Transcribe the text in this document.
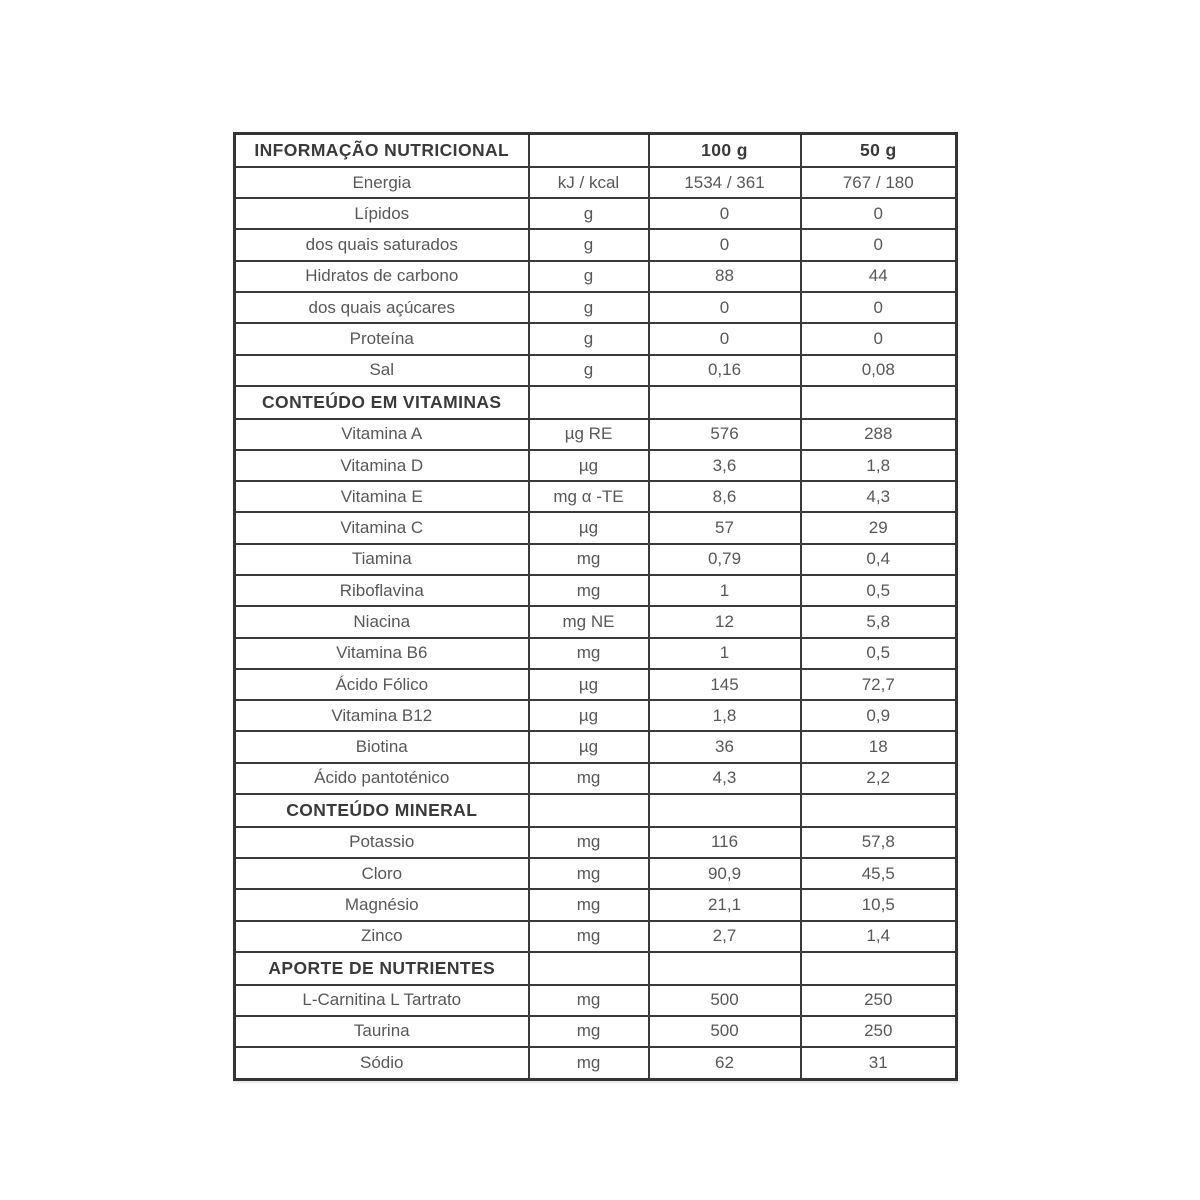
INFORMAÇÃO NUTRICIONAL		100 g	50 g
Energia	kJ / kcal	1534 / 361	767 / 180
Lípidos	g	0	0
dos quais saturados	g	0	0
Hidratos de carbono	g	88	44
dos quais açúcares	g	0	0
Proteína	g	0	0
Sal	g	0,16	0,08
CONTEÚDO EM VITAMINAS			
Vitamina A	µg RE	576	288
Vitamina D	µg	3,6	1,8
Vitamina E	mg α -TE	8,6	4,3
Vitamina C	µg	57	29
Tiamina	mg	0,79	0,4
Riboflavina	mg	1	0,5
Niacina	mg NE	12	5,8
Vitamina B6	mg	1	0,5
Ácido Fólico	µg	145	72,7
Vitamina B12	µg	1,8	0,9
Biotina	µg	36	18
Ácido pantoténico	mg	4,3	2,2
CONTEÚDO MINERAL			
Potassio	mg	116	57,8
Cloro	mg	90,9	45,5
Magnésio	mg	21,1	10,5
Zinco	mg	2,7	1,4
APORTE DE NUTRIENTES			
L-Carnitina L Tartrato	mg	500	250
Taurina	mg	500	250
Sódio	mg	62	31
